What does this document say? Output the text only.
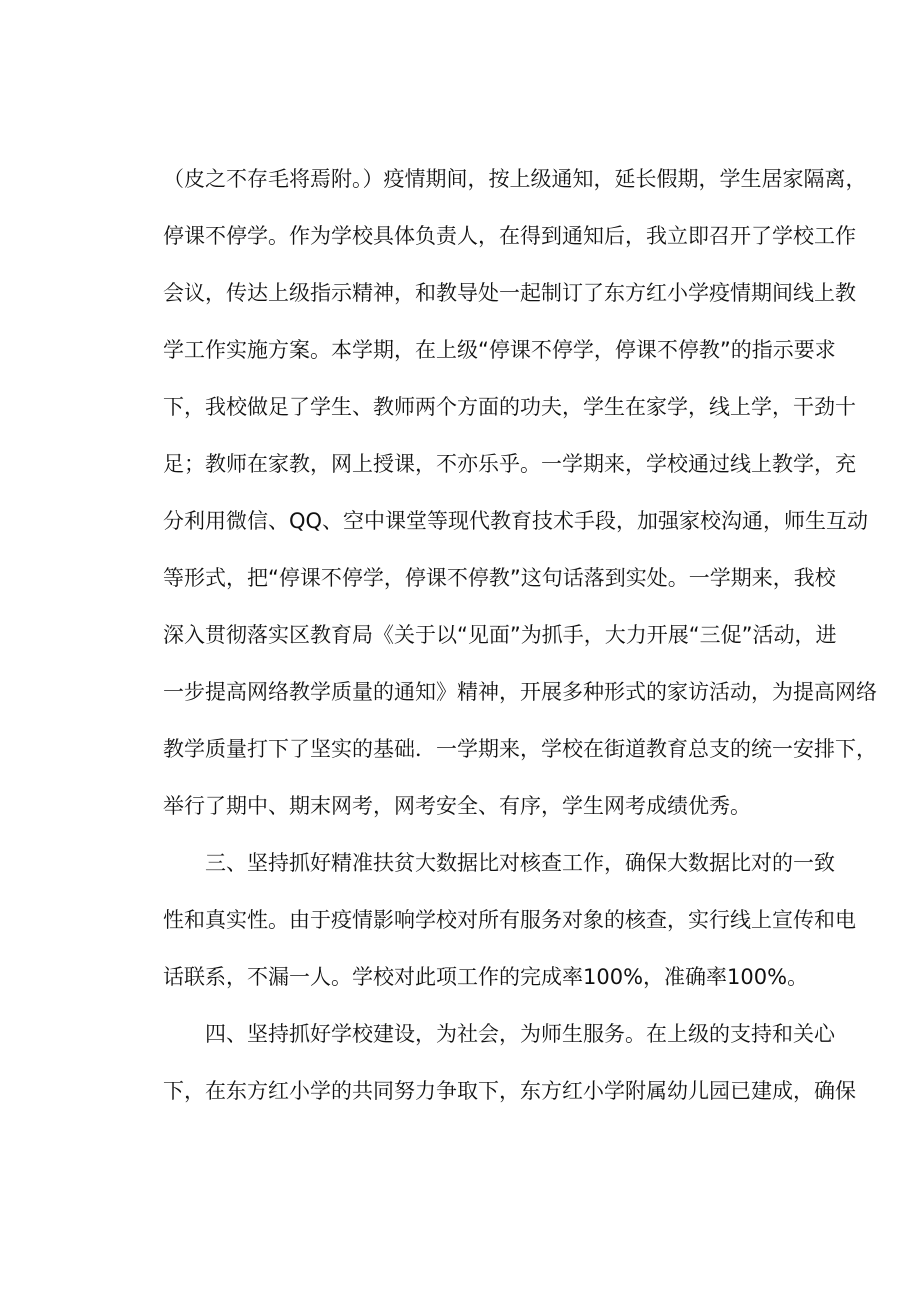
（皮之不存毛将焉附。）疫情期间，按上级通知，延长假期，学生居家隔离，
停课不停学。作为学校具体负责人，在得到通知后，我立即召开了学校工作
会议，传达上级指示精神，和教导处一起制订了东方红小学疫情期间线上教
学工作实施方案。本学期，在上级“停课不停学，停课不停教”的指示要求
下，我校做足了学生、教师两个方面的功夫，学生在家学，线上学，干劲十
足；教师在家教，网上授课，不亦乐乎。一学期来，学校通过线上教学，充
分利用微信、QQ、空中课堂等现代教育技术手段，加强家校沟通，师生互动
等形式，把“停课不停学，停课不停教”这句话落到实处。一学期来，我校
深入贯彻落实区教育局《关于以“见面”为抓手，大力开展“三促”活动，进
一步提高网络教学质量的通知》精神，开展多种形式的家访活动，为提高网络
教学质量打下了坚实的基础．一学期来，学校在街道教育总支的统一安排下，
举行了期中、期末网考，网考安全、有序，学生网考成绩优秀。
三、坚持抓好精准扶贫大数据比对核查工作，确保大数据比对的一致
性和真实性。由于疫情影响学校对所有服务对象的核查，实行线上宣传和电
话联系，不漏一人。学校对此项工作的完成率100%，准确率100%。
四、坚持抓好学校建设，为社会，为师生服务。在上级的支持和关心
下，在东方红小学的共同努力争取下，东方红小学附属幼儿园已建成，确保
